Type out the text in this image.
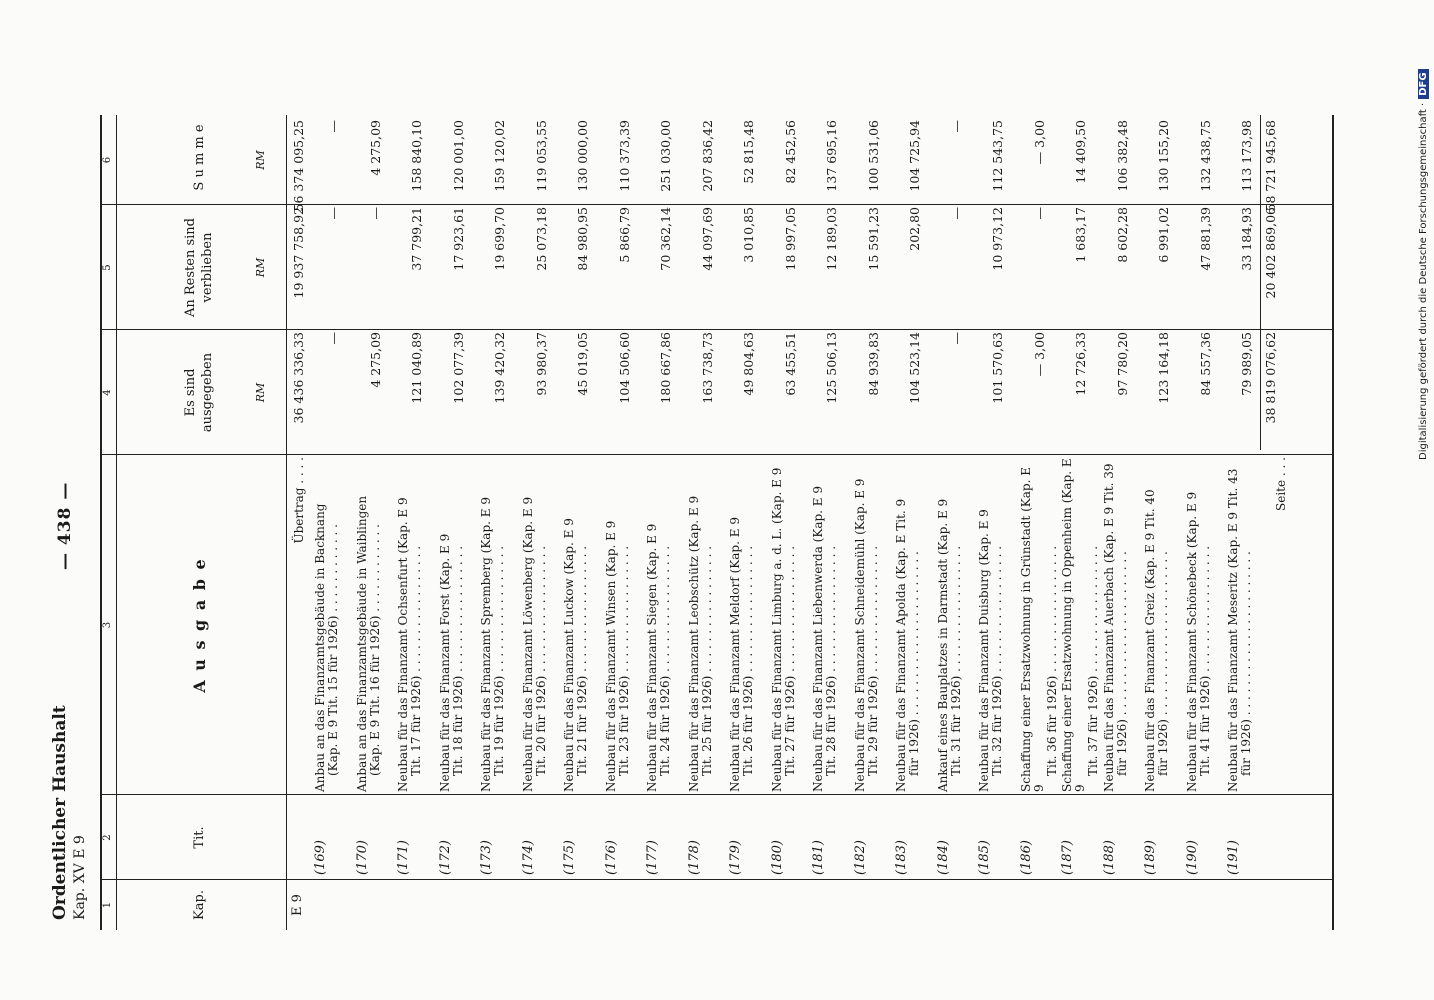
Ordentlicher Haushalt Kap. XV E 9
— 438 —
1
2
3
4
5
6
Kap.
Tit.
A u s g a b e
Es sind ausgegeben
An Resten sind verblieben
S u m m e
RM
RM
RM
E 9
Übertrag . . . .
36 436 336,33
19 937 758,92
56 374 095,25
(169)
Anbau an das Finanzamtsgebäude in Backnang (Kap. E 9 Tit. 15 für 1926) . . . . . . . . . . . .
—
—
—
(170)
Anbau an das Finanzamtsgebäude in Waiblingen (Kap. E 9 Tit. 16 für 1926) . . . . . . . . . . . .
4 275,09
—
4 275,09
(171)
Neubau für das Finanzamt Ochsenfurt (Kap. E 9 Tit. 17 für 1926) . . . . . . . . . . . . . . . . .
121 040,89
37 799,21
158 840,10
(172)
Neubau für das Finanzamt Forst (Kap. E 9 Tit. 18 für 1926) . . . . . . . . . . . . . . . . .
102 077,39
17 923,61
120 001,00
(173)
Neubau für das Finanzamt Spremberg (Kap. E 9 Tit. 19 für 1926) . . . . . . . . . . . . . . . . .
139 420,32
19 699,70
159 120,02
(174)
Neubau für das Finanzamt Löwenberg (Kap. E 9 Tit. 20 für 1926) . . . . . . . . . . . . . . . . .
93 980,37
25 073,18
119 053,55
(175)
Neubau für das Finanzamt Luckow (Kap. E 9 Tit. 21 für 1926) . . . . . . . . . . . . . . . . .
45 019,05
84 980,95
130 000,00
(176)
Neubau für das Finanzamt Winsen (Kap. E 9 Tit. 23 für 1926) . . . . . . . . . . . . . . . . .
104 506,60
5 866,79
110 373,39
(177)
Neubau für das Finanzamt Siegen (Kap. E 9 Tit. 24 für 1926) . . . . . . . . . . . . . . . . .
180 667,86
70 362,14
251 030,00
(178)
Neubau für das Finanzamt Leobschütz (Kap. E 9 Tit. 25 für 1926) . . . . . . . . . . . . . . . . .
163 738,73
44 097,69
207 836,42
(179)
Neubau für das Finanzamt Meldorf (Kap. E 9 Tit. 26 für 1926) . . . . . . . . . . . . . . . . .
49 804,63
3 010,85
52 815,48
(180)
Neubau für das Finanzamt Limburg a. d. L. (Kap. E 9 Tit. 27 für 1926) . . . . . . . . . . . . . . . . .
63 455,51
18 997,05
82 452,56
(181)
Neubau für das Finanzamt Liebenwerda (Kap. E 9 Tit. 28 für 1926) . . . . . . . . . . . . . . . . .
125 506,13
12 189,03
137 695,16
(182)
Neubau für das Finanzamt Schneidemühl (Kap. E 9 Tit. 29 für 1926) . . . . . . . . . . . . . . . . .
84 939,83
15 591,23
100 531,06
(183)
Neubau für das Finanzamt Apolda (Kap. E Tit. 9 für 1926) . . . . . . . . . . . . . . . . . . . . . .
104 523,14
202,80
104 725,94
(184)
Ankauf eines Bauplatzes in Darmstadt (Kap. E 9 Tit. 31 für 1926) . . . . . . . . . . . . . . . . .
—
—
—
(185)
Neubau für das Finanzamt Duisburg (Kap. E 9 Tit. 32 für 1926) . . . . . . . . . . . . . . . . .
101 570,63
10 973,12
112 543,75
(186)
Schaffung einer Ersatzwohnung in Grünstadt (Kap. E 9
Tit. 36 für 1926) . . . . . . . . . . . . . . . . .
— 3,00
—
— 3,00
(187)
Schaffung einer Ersatzwohnung in Oppenheim (Kap. E 9
Tit. 37 für 1926) . . . . . . . . . . . . . . . . .
12 726,33
1 683,17
14 409,50
(188)
Neubau für das Finanzamt Auerbach (Kap. E 9 Tit. 39 für 1926) . . . . . . . . . . . . . . . . . . . . . .
97 780,20
8 602,28
106 382,48
(189)
Neubau für das Finanzamt Greiz (Kap. E 9 Tit. 40 für 1926) . . . . . . . . . . . . . . . . . . . . . .
123 164,18
6 991,02
130 155,20
(190)
Neubau für das Finanzamt Schönebeck (Kap. E 9 Tit. 41 für 1926) . . . . . . . . . . . . . . . . .
84 557,36
47 881,39
132 438,75
(191)
Neubau für das Finanzamt Meseritz (Kap. E 9 Tit. 43 für 1926) . . . . . . . . . . . . . . . . . . . . . .
79 989,05
33 184,93
113 173,98
Seite . . .
38 819 076,62
20 402 869,06
58 721 945,68	Digitalisierung gefördert durch die Deutsche Forschungsgemeinschaft ·DFG
